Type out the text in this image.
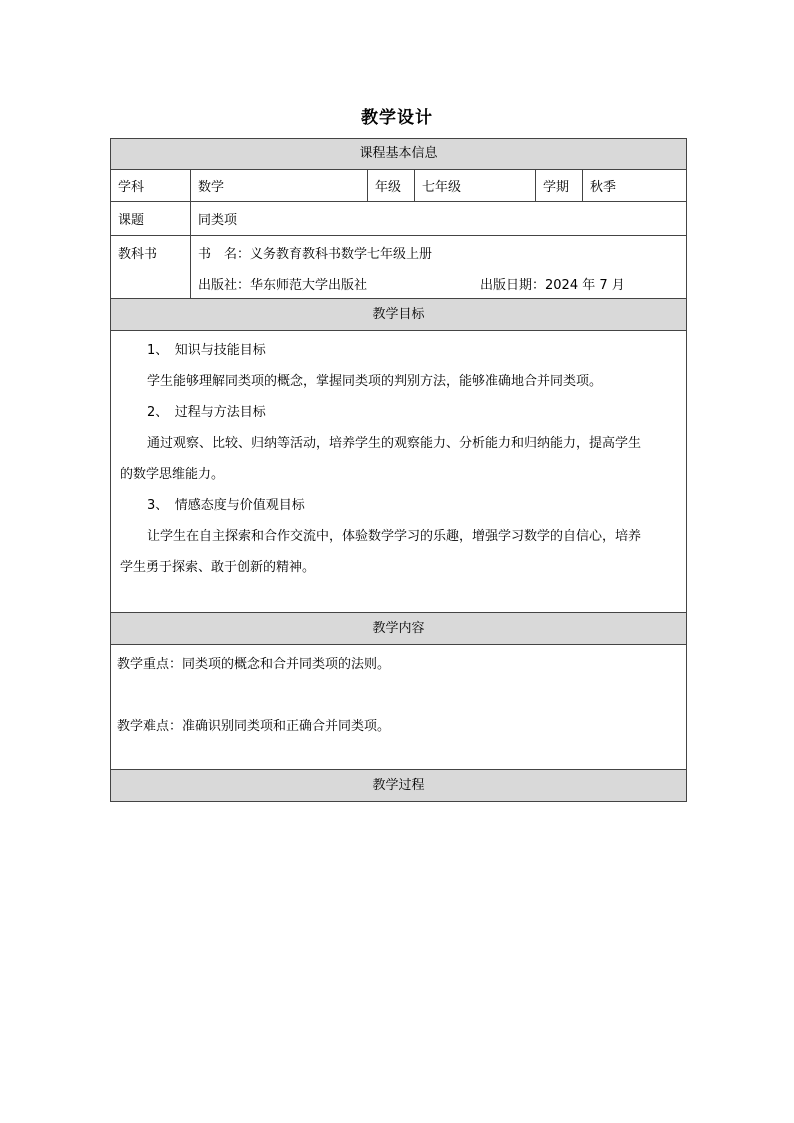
教学设计
课程基本信息
学科	数学	年级	七年级	学期	秋季
课题	同类项
教科书	书　名：义务教育教科书数学七年级上册
出版社：华东师范大学出版社	出版日期：2024 年 7 月
教学目标
1、　知识与技能目标
学生能够理解同类项的概念，掌握同类项的判别方法，能够准确地合并同类项。
2、　过程与方法目标
通过观察、比较、归纳等活动，培养学生的观察能力、分析能力和归纳能力，提高学生
的数学思维能力。
3、　情感态度与价值观目标
让学生在自主探索和合作交流中，体验数学学习的乐趣，增强学习数学的自信心，培养
学生勇于探索、敢于创新的精神。
教学内容
教学重点：同类项的概念和合并同类项的法则。
教学难点：准确识别同类项和正确合并同类项。
教学过程
